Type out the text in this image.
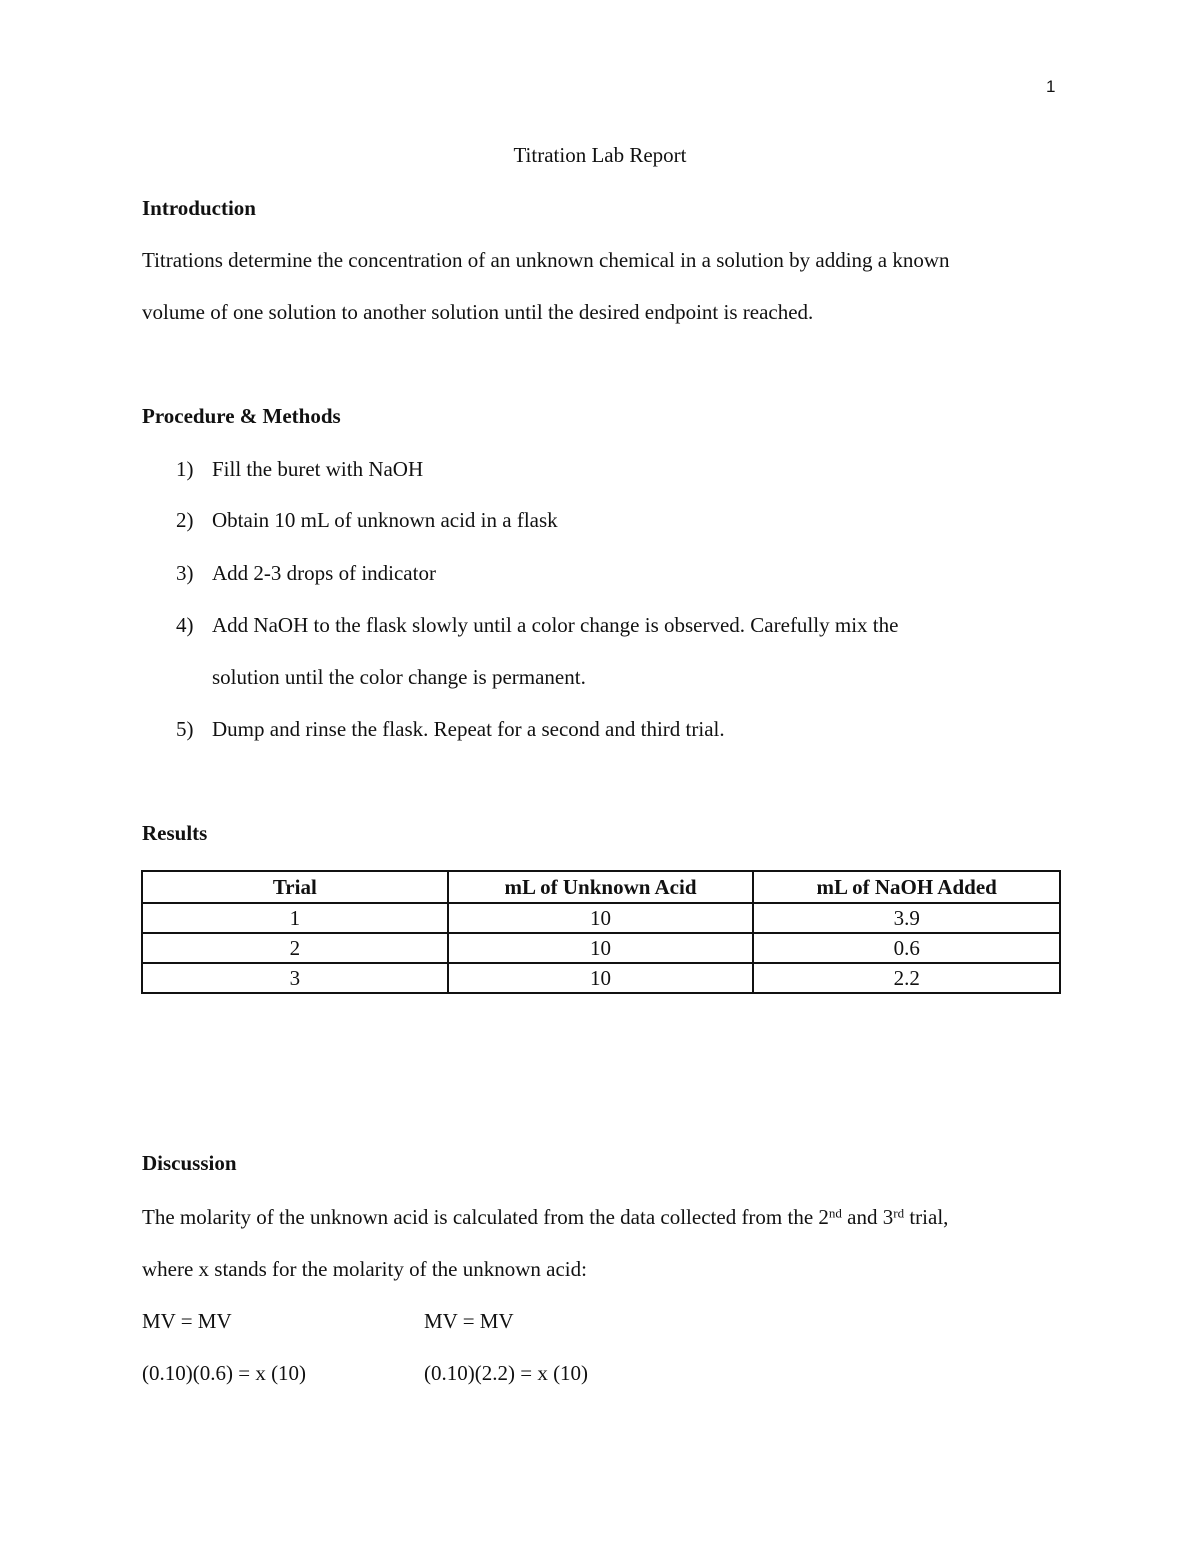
1
Titration Lab Report
Introduction
Titrations determine the concentration of an unknown chemical in a solution by adding a known
volume of one solution to another solution until the desired endpoint is reached.
Procedure & Methods
1) Fill the buret with NaOH
2) Obtain 10 mL of unknown acid in a flask
3) Add 2-3 drops of indicator
4) Add NaOH to the flask slowly until a color change is observed. Carefully mix the
solution until the color change is permanent.
5) Dump and rinse the flask. Repeat for a second and third trial.
Results
Trial	mL of Unknown Acid	mL of NaOH Added
1	10	3.9
2	10	0.6
3	10	2.2
Discussion
The molarity of the unknown acid is calculated from the data collected from the 2nd and 3rd trial,
where x stands for the molarity of the unknown acid:
MV = MV	MV = MV
(0.10)(0.6) = x (10)	(0.10)(2.2) = x (10)
